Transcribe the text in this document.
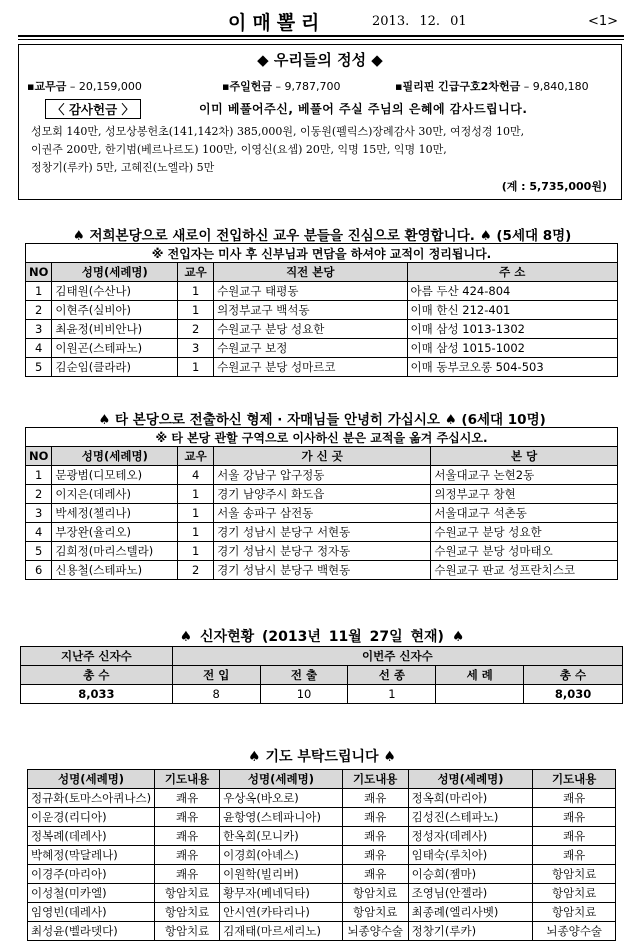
이매뽈리	2013. 12. 01	<1>
◆ 우리들의 정성 ◆
▪교무금 – 20,159,000	▪주일헌금 – 9,787,700	▪필리핀 긴급구호2차헌금 – 9,840,180
〈 감사헌금 〉	이미 베풀어주신, 베풀어 주실 주님의 은혜에 감사드립니다.
성모회 140만, 성모상봉헌초(141,142차) 385,000원, 이동원(펠릭스)장례감사 30만, 여정성경 10만,
이권주 200만, 한기범(베르나르도) 100만, 이영신(요셉) 20만, 익명 15만, 익명 10만,
정창기(루카) 5만, 고혜진(노엘라) 5만
(계 : 5,735,000원)
♠ 저희본당으로 새로이 전입하신 교우 분들을 진심으로 환영합니다. ♠ (5세대 8명)
※ 전입자는 미사 후 신부님과 면담을 하셔야 교적이 정리됩니다.				
NO	성명(세례명)	교우	직전 본당	주 소
1	김태원(수산나)	1	수원교구 태평동	아름 두산 424-804
2	이현주(실비아)	1	의정부교구 백석동	이매 한신 212-401
3	최윤정(비비안나)	2	수원교구 분당 성요한	이매 삼성 1013-1302
4	이원곤(스테파노)	3	수원교구 보정	이매 삼성 1015-1002
5	김순임(클라라)	1	수원교구 분당 성마르코	이매 동부코오롱 504-503
♠ 타 본당으로 전출하신 형제 · 자매님들 안녕히 가십시오 ♠ (6세대 10명)
※ 타 본당 관할 구역으로 이사하신 분은 교적을 옮겨 주십시오.				
NO	성명(세례명)	교우	가 신 곳	본 당
1	문광범(디모테오)	4	서울 강남구 압구정동	서울대교구 논현2동
2	이지은(데레사)	1	경기 남양주시 화도읍	의정부교구 창현
3	박세정(첼리나)	1	서울 송파구 삼전동	서울대교구 석촌동
4	부장완(율리오)	1	경기 성남시 분당구 서현동	수원교구 분당 성요한
5	김희정(마리스텔라)	1	경기 성남시 분당구 정자동	수원교구 분당 성마태오
6	신용철(스테파노)	2	경기 성남시 분당구 백현동	수원교구 판교 성프란치스코
♠ 신자현황 (2013년 11월 27일 현재) ♠
지난주 신자수	이번주 신자수				
총 수	전 입	전 출	선 종	세 례	총 수
8,033	8	10	1		8,030
♠ 기도 부탁드립니다 ♠
성명(세례명)	기도내용	성명(세례명)	기도내용	성명(세례명)	기도내용
정규화(토마스아퀴나스)	쾌유	우상옥(바오로)	쾌유	정옥희(마리아)	쾌유
이운경(리디아)	쾌유	윤항영(스테파니아)	쾌유	김성진(스테파노)	쾌유
정복례(데레사)	쾌유	한옥희(모니카)	쾌유	정성자(데레사)	쾌유
박혜정(막달레나)	쾌유	이경희(아녜스)	쾌유	임태숙(루치아)	쾌유
이경주(마리아)	쾌유	이원학(빌리버)	쾌유	이승희(젬마)	항암치료
이성철(미카엘)	항암치료	황무자(베네딕타)	항암치료	조영님(안젤라)	항암치료
임영빈(데레사)	항암치료	안시연(카타리나)	항암치료	최종례(엘리사벳)	항암치료
최성윤(벨라뎃다)	항암치료	김재태(마르세리노)	뇌종양수술	정창기(루카)	뇌종양수술
